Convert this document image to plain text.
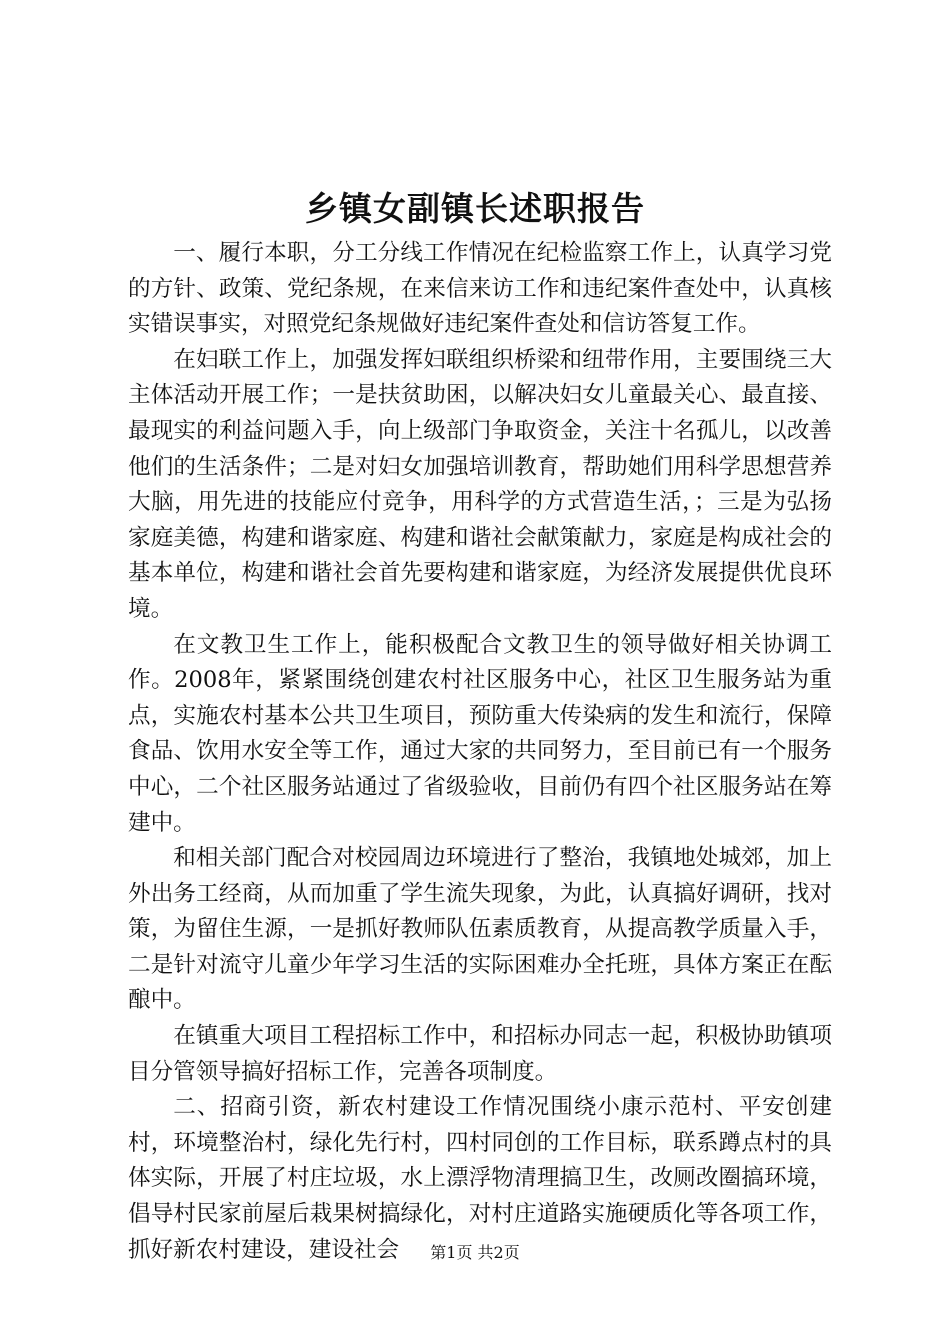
乡镇女副镇长述职报告

一、履行本职，分工分线工作情况在纪检监察工作上，认真学习党的方针、政策、党纪条规，在来信来访工作和违纪案件查处中，认真核实错误事实，对照党纪条规做好违纪案件查处和信访答复工作。

在妇联工作上，加强发挥妇联组织桥梁和纽带作用，主要围绕三大主体活动开展工作；一是扶贫助困，以解决妇女儿童最关心、最直接、最现实的利益问题入手，向上级部门争取资金，关注十名孤儿，以改善他们的生活条件；二是对妇女加强培训教育，帮助她们用科学思想营养大脑，用先进的技能应付竞争，用科学的方式营造生活，；三是为弘扬家庭美德，构建和谐家庭、构建和谐社会献策献力，家庭是构成社会的基本单位，构建和谐社会首先要构建和谐家庭，为经济发展提供优良环境。

在文教卫生工作上，能积极配合文教卫生的领导做好相关协调工作。2008年，紧紧围绕创建农村社区服务中心，社区卫生服务站为重点，实施农村基本公共卫生项目，预防重大传染病的发生和流行，保障食品、饮用水安全等工作，通过大家的共同努力，至目前已有一个服务中心，二个社区服务站通过了省级验收，目前仍有四个社区服务站在筹建中。

和相关部门配合对校园周边环境进行了整治，我镇地处城郊，加上外出务工经商，从而加重了学生流失现象，为此，认真搞好调研，找对策，为留住生源，一是抓好教师队伍素质教育，从提高教学质量入手，二是针对流守儿童少年学习生活的实际困难办全托班，具体方案正在酝酿中。

在镇重大项目工程招标工作中，和招标办同志一起，积极协助镇项目分管领导搞好招标工作，完善各项制度。

二、招商引资，新农村建设工作情况围绕小康示范村、平安创建村，环境整治村，绿化先行村，四村同创的工作目标，联系蹲点村的具体实际，开展了村庄垃圾，水上漂浮物清理搞卫生，改厕改圈搞环境，倡导村民家前屋后栽果树搞绿化，对村庄道路实施硬质化等各项工作，抓好新农村建设，建设社会	第1页 共2页
